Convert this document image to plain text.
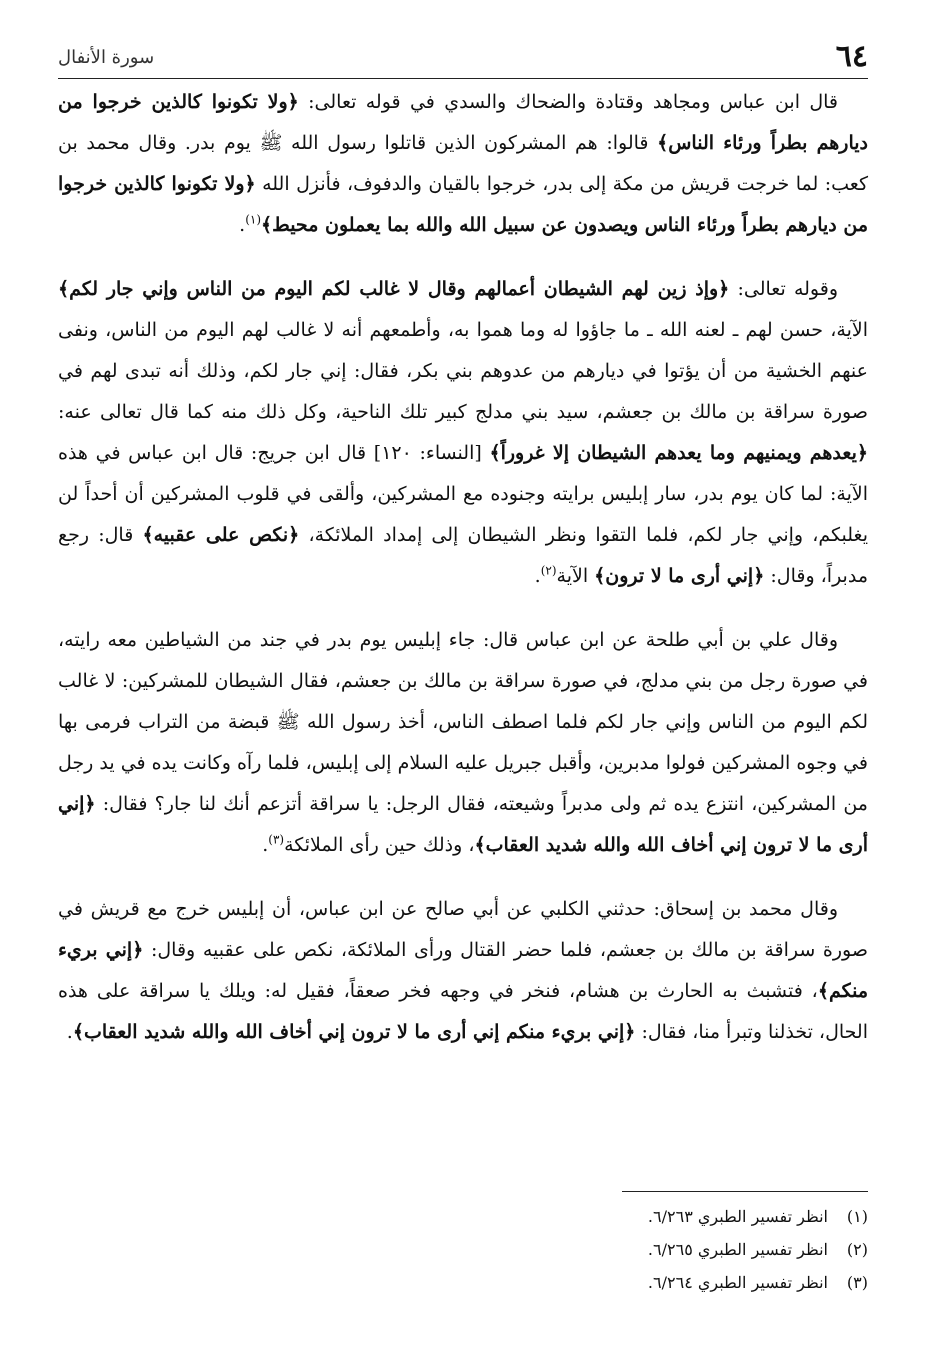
٦٤
سورة الأنفال

قال ابن عباس ومجاهد وقتادة والضحاك والسدي في قوله تعالى: ﴿ولا تكونوا كالذين خرجوا من ديارهم بطراً ورئاء الناس﴾ قالوا: هم المشركون الذين قاتلوا رسول الله ﷺ يوم بدر. وقال محمد بن كعب: لما خرجت قريش من مكة إلى بدر، خرجوا بالقيان والدفوف، فأنزل الله ﴿ولا تكونوا كالذين خرجوا من ديارهم بطراً ورئاء الناس ويصدون عن سبيل الله والله بما يعملون محيط﴾$^{(١)}$.

وقوله تعالى: ﴿وإذ زين لهم الشيطان أعمالهم وقال لا غالب لكم اليوم من الناس وإني جار لكم﴾ الآية، حسن لهم ـ لعنه الله ـ ما جاؤوا له وما هموا به، وأطمعهم أنه لا غالب لهم اليوم من الناس، ونفى عنهم الخشية من أن يؤتوا في ديارهم من عدوهم بني بكر، فقال: إني جار لكم، وذلك أنه تبدى لهم في صورة سراقة بن مالك بن جعشم، سيد بني مدلج كبير تلك الناحية، وكل ذلك منه كما قال تعالى عنه: ﴿يعدهم ويمنيهم وما يعدهم الشيطان إلا غروراً﴾ [النساء: ١٢٠] قال ابن جريج: قال ابن عباس في هذه الآية: لما كان يوم بدر، سار إبليس برايته وجنوده مع المشركين، وألقى في قلوب المشركين أن أحداً لن يغلبكم، وإني جار لكم، فلما التقوا ونظر الشيطان إلى إمداد الملائكة، ﴿نكص على عقبيه﴾ قال: رجع مدبراً، وقال: ﴿إني أرى ما لا ترون﴾ الآية$^{(٢)}$.

وقال علي بن أبي طلحة عن ابن عباس قال: جاء إبليس يوم بدر في جند من الشياطين معه رايته، في صورة رجل من بني مدلج، في صورة سراقة بن مالك بن جعشم، فقال الشيطان للمشركين: لا غالب لكم اليوم من الناس وإني جار لكم فلما اصطف الناس، أخذ رسول الله ﷺ قبضة من التراب فرمى بها في وجوه المشركين فولوا مدبرين، وأقبل جبريل عليه السلام إلى إبليس، فلما رآه وكانت يده في يد رجل من المشركين، انتزع يده ثم ولى مدبراً وشيعته، فقال الرجل: يا سراقة أتزعم أنك لنا جار؟ فقال: ﴿إني أرى ما لا ترون إني أخاف الله والله شديد العقاب﴾، وذلك حين رأى الملائكة$^{(٣)}$.

وقال محمد بن إسحاق: حدثني الكلبي عن أبي صالح عن ابن عباس، أن إبليس خرج مع قريش في صورة سراقة بن مالك بن جعشم، فلما حضر القتال ورأى الملائكة، نكص على عقبيه وقال: ﴿إني بريء منكم﴾، فتشبث به الحارث بن هشام، فنخر في وجهه فخر صعقاً، فقيل له: ويلك يا سراقة على هذه الحال، تخذلنا وتبرأ منا، فقال: ﴿إني بريء منكم إني أرى ما لا ترون إني أخاف الله والله شديد العقاب﴾.

(١)انظر تفسير الطبري ٦/٢٦٣.
(٢)انظر تفسير الطبري ٦/٢٦٥.
(٣)انظر تفسير الطبري ٦/٢٦٤.
